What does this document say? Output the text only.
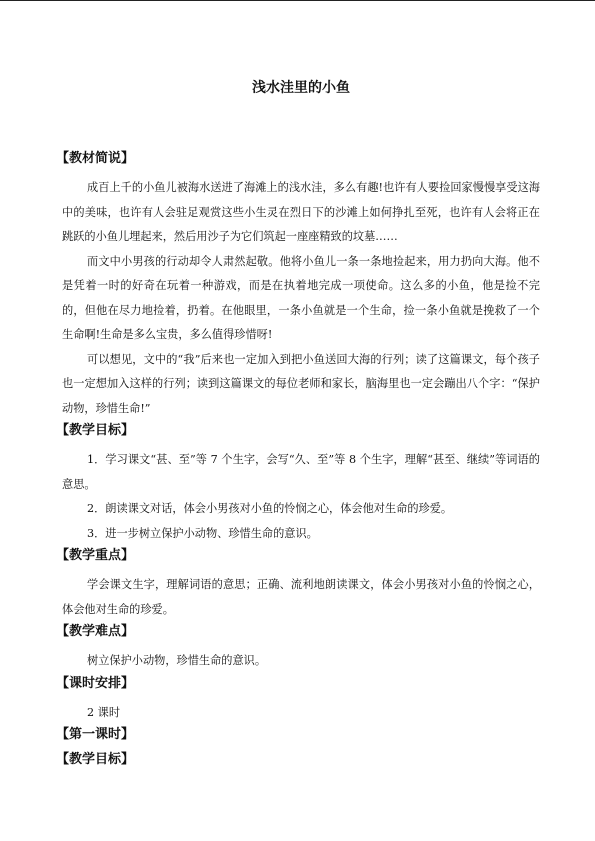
浅水洼里的小鱼
【教材简说】

成百上千的小鱼儿被海水送进了海滩上的浅水洼，多么有趣!也许有人要捡回家慢慢享受这海中的美味，也许有人会驻足观赏这些小生灵在烈日下的沙滩上如何挣扎至死，也许有人会将正在跳跃的小鱼儿埋起来，然后用沙子为它们筑起一座座精致的坟墓……

而文中小男孩的行动却令人肃然起敬。他将小鱼儿一条一条地捡起来，用力扔向大海。他不是凭着一时的好奇在玩着一种游戏，而是在执着地完成一项使命。这么多的小鱼，他是捡不完的，但他在尽力地捡着，扔着。在他眼里，一条小鱼就是一个生命，捡一条小鱼就是挽救了一个生命啊!生命是多么宝贵，多么值得珍惜呀!

可以想见，文中的“我”后来也一定加入到把小鱼送回大海的行列；读了这篇课文，每个孩子也一定想加入这样的行列；读到这篇课文的每位老师和家长，脑海里也一定会蹦出八个字：“保护动物，珍惜生命!”

【教学目标】

1．学习课文“甚、至”等 7 个生字，会写“久、至”等 8 个生字，理解“甚至、继续”等词语的意思。

2．朗读课文对话，体会小男孩对小鱼的怜悯之心，体会他对生命的珍爱。

3．进一步树立保护小动物、珍惜生命的意识。

【教学重点】

学会课文生字，理解词语的意思；正确、流利地朗读课文，体会小男孩对小鱼的怜悯之心，体会他对生命的珍爱。

【教学难点】

树立保护小动物，珍惜生命的意识。

【课时安排】

2 课时

【第一课时】
【教学目标】
